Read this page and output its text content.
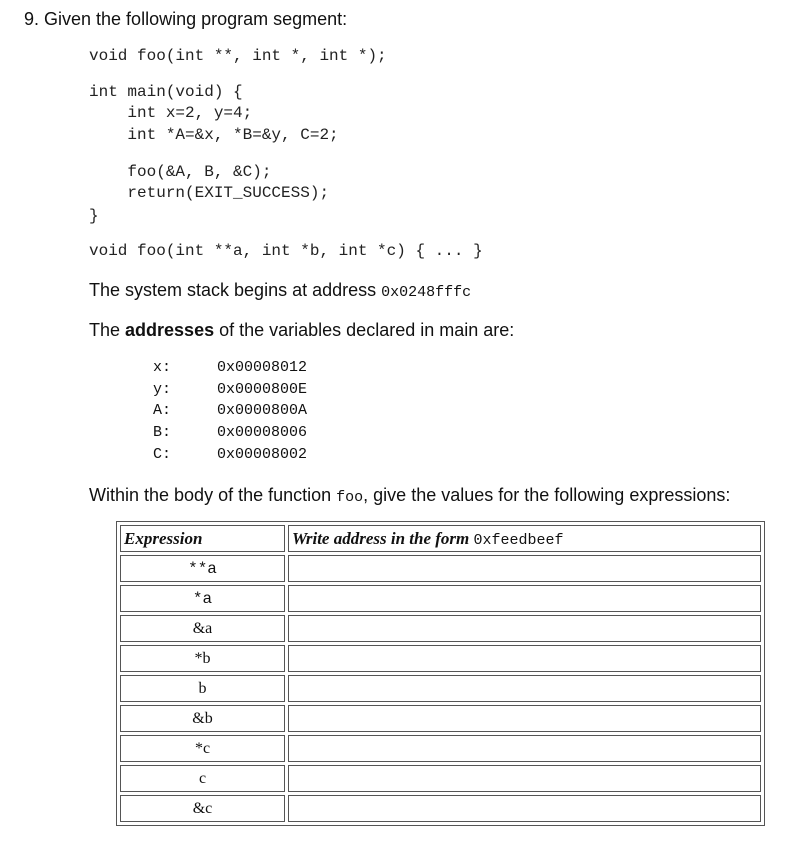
9. Given the following program segment:
void foo(int **, int *, int *);
int main(void) {
int x=2, y=4;
int *A=&x, *B=&y, C=2;
foo(&A, B, &C);
return(EXIT_SUCCESS);
}
void foo(int **a, int *b, int *c) { ... }
The system stack begins at address 0x0248fffc
The addresses of the variables declared in main are:
x:	0x00008012
y:	0x0000800E
A:	0x0000800A
B:	0x00008006
C:	0x00008002
Within the body of the function foo, give the values for the following expressions:
Expression	Write address in the form 0xfeedbeef
**a	
*a	
&a	
*b	
b	
&b	
*c	
c	
&c	
